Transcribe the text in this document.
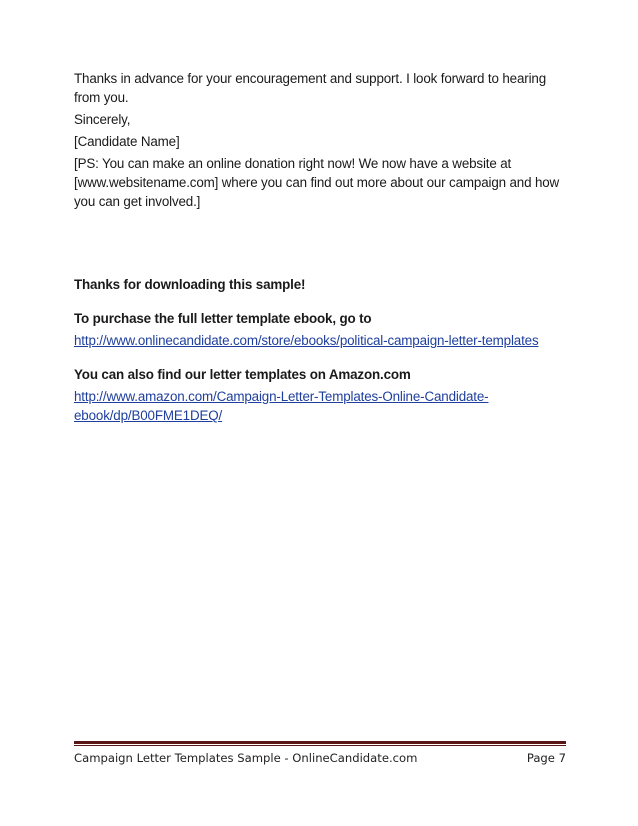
Thanks in advance for your encouragement and support. I look forward to hearing from you.

Sincerely,

[Candidate Name]

[PS: You can make an online donation right now! We now have a website at [www.websitename.com] where you can find out more about our campaign and how you can get involved.]

Thanks for downloading this sample!

To purchase the full letter template ebook, go to

http://www.onlinecandidate.com/store/ebooks/political-campaign-letter-templates

You can also find our letter templates on Amazon.com

http://www.amazon.com/Campaign-Letter-Templates-Online-Candidate-ebook/dp/B00FME1DEQ/
Campaign Letter Templates Sample - OnlineCandidate.com	Page 7
